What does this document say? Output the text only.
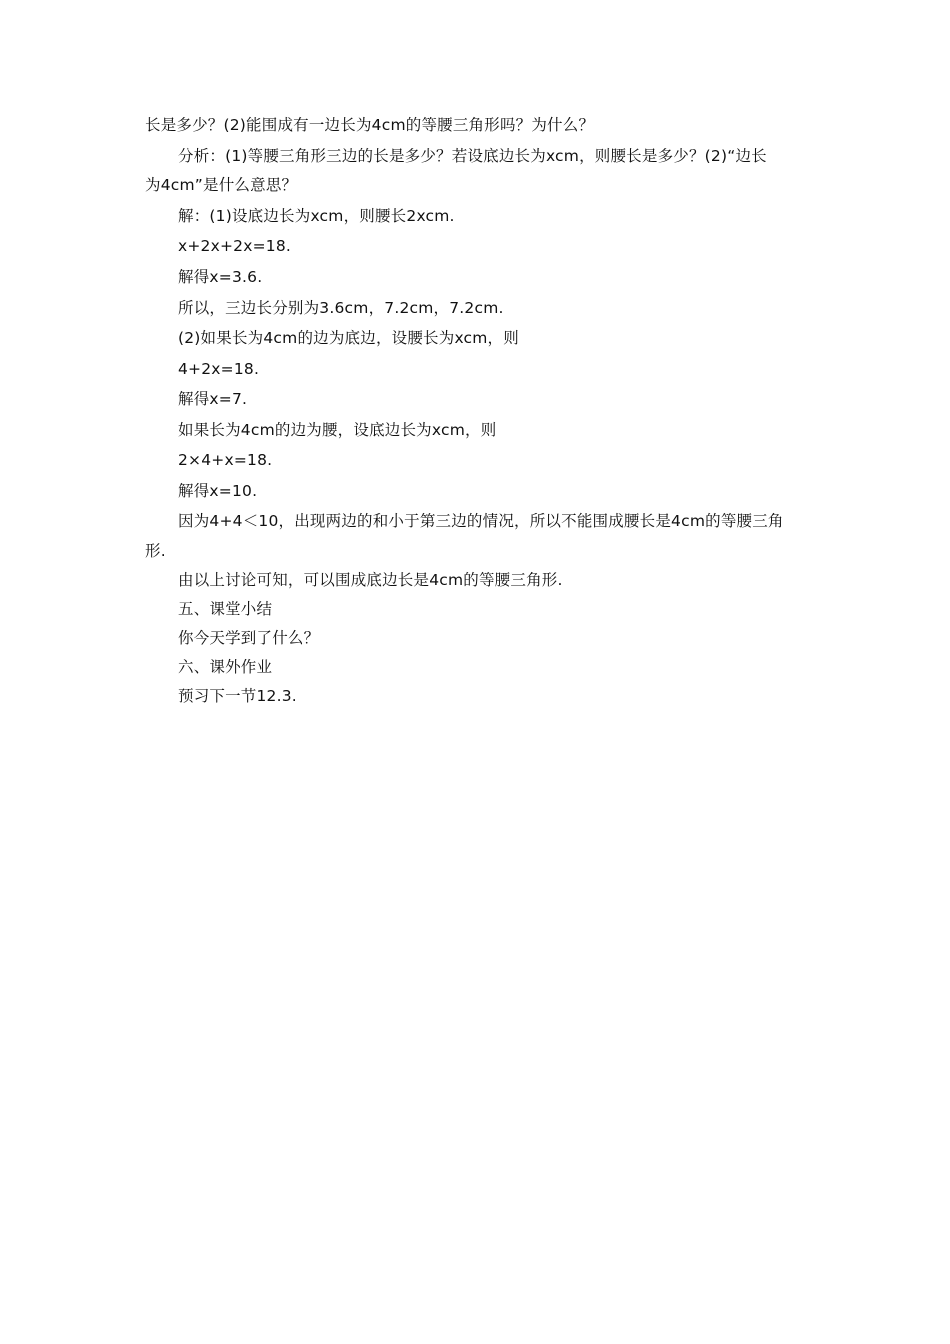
长是多少？(2)能围成有一边长为4cm的等腰三角形吗？为什么？
分析：(1)等腰三角形三边的长是多少？若设底边长为xcm，则腰长是多少？(2)“边长
为4cm”是什么意思？
解：(1)设底边长为xcm，则腰长2xcm.
x+2x+2x=18.
解得x=3.6.
所以，三边长分别为3.6cm，7.2cm，7.2cm.
(2)如果长为4cm的边为底边，设腰长为xcm，则
4+2x=18.
解得x=7.
如果长为4cm的边为腰，设底边长为xcm，则
2×4+x=18.
解得x=10.
因为4+4＜10，出现两边的和小于第三边的情况，所以不能围成腰长是4cm的等腰三角
形.
由以上讨论可知，可以围成底边长是4cm的等腰三角形.
五、课堂小结
你今天学到了什么？
六、课外作业
预习下一节12.3.
